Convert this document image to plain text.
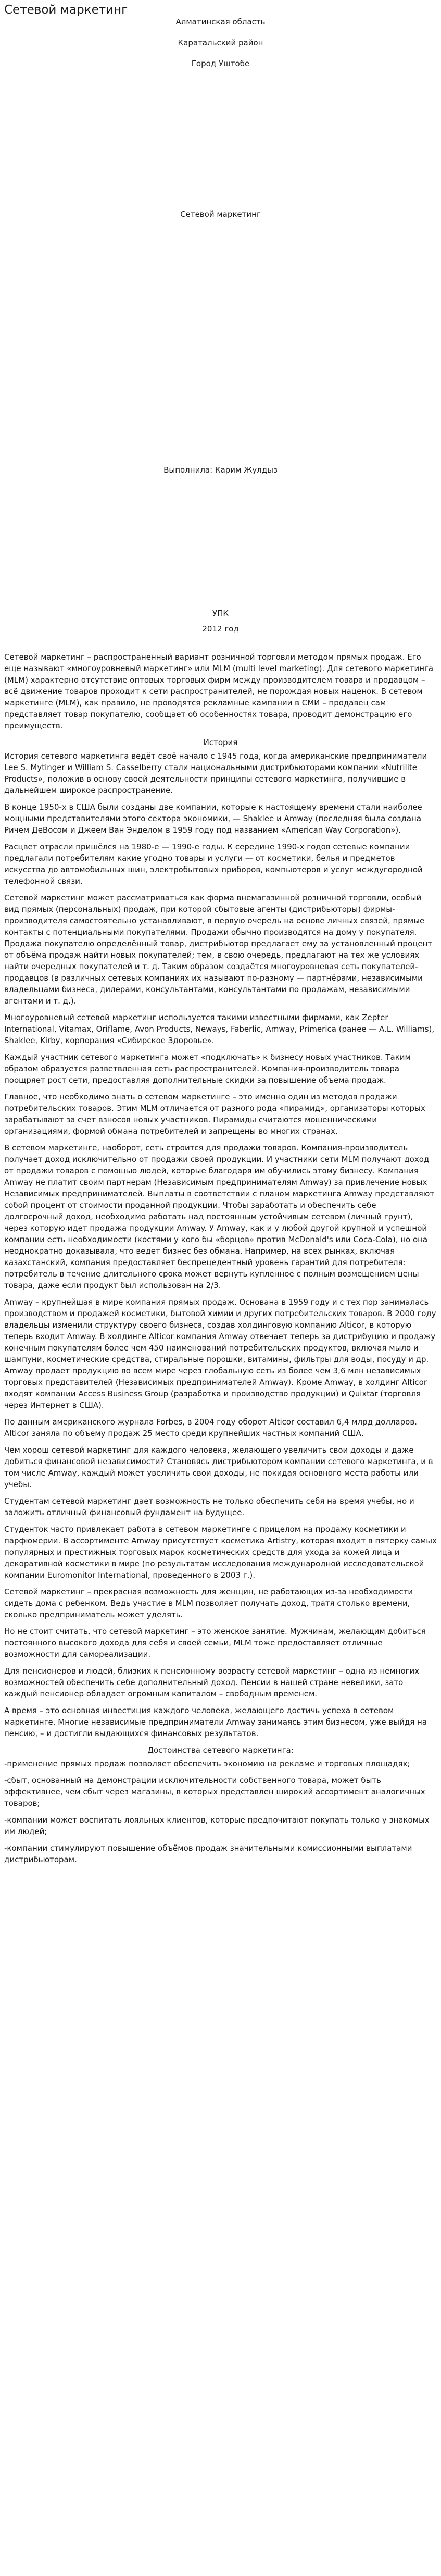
Сетевой маркетинг

Алматинская область

Каратальский район

Город Уштобе

Сетевой маркетинг

Выполнила: Карим Жулдыз

УПК

2012 год

Сетевой маркетинг – распространенный вариант розничной торговли методом прямых продаж. Его еще называют «многоуровневый маркетинг» или MLM (multi level marketing). Для сетевого маркетинга (MLM) характерно отсутствие оптовых торговых фирм между производителем товара и продавцом – всё движение товаров проходит к сети распространителей, не порождая новых наценок. В сетевом маркетинге (MLM), как правило, не проводятся рекламные кампании в СМИ – продавец сам представляет товар покупателю, сообщает об особенностях товара, проводит демонстрацию его преимуществ.

История

История сетевого маркетинга ведёт своё начало с 1945 года, когда американские предприниматели Lee S. Mytinger и William S. Casselberry стали национальными дистрибьюторами компании «Nutrilite Products», положив в основу своей деятельности принципы сетевого маркетинга, получившие в дальнейшем широкое распространение.

В конце 1950-х в США были созданы две компании, которые к настоящему времени стали наиболее мощными представителями этого сектора экономики, — Shaklee и Amway (последняя была создана Ричем ДеВосом и Джеем Ван Энделом в 1959 году под названием «American Way Corporation»).

Расцвет отрасли пришёлся на 1980-е — 1990-е годы. К середине 1990-х годов сетевые компании предлагали потребителям какие угодно товары и услуги — от косметики, белья и предметов искусства до автомобильных шин, электробытовых приборов, компьютеров и услуг междугородной телефонной связи.

Сетевой маркетинг может рассматриваться как форма внемагазинной розничной торговли, особый вид прямых (персональных) продаж, при которой сбытовые агенты (дистрибьюторы) фирмы-производителя самостоятельно устанавливают, в первую очередь на основе личных связей, прямые контакты с потенциальными покупателями. Продажи обычно производятся на дому у покупателя. Продажа покупателю определённый товар, дистрибьютор предлагает ему за установленный процент от объёма продаж найти новых покупателей; тем, в свою очередь, предлагают на тех же условиях найти очередных покупателей и т. д. Таким образом создаётся многоуровневая сеть покупателей-продавцов (в различных сетевых компаниях их называют по-разному — партнёрами, независимыми владельцами бизнеса, дилерами, консультантами, консультантами по продажам, независимыми агентами и т. д.).

Многоуровневый сетевой маркетинг используется такими известными фирмами, как Zepter International, Vitamax, Oriflame, Avon Products, Neways, Faberlic, Amway, Primerica (ранее — A.L. Williams), Shaklee, Kirby, корпорация «Сибирское Здоровье».

Каждый участник сетевого маркетинга может «подключать» к бизнесу новых участников. Таким образом образуется разветвленная сеть распространителей. Компания-производитель товара поощряет рост сети, предоставляя дополнительные скидки за повышение объема продаж.

Главное, что необходимо знать о сетевом маркетинге – это именно один из методов продажи потребительских товаров. Этим MLM отличается от разного рода «пирамид», организаторы которых зарабатывают за счет взносов новых участников. Пирамиды считаются мошенническими организациями, формой обмана потребителей и запрещены во многих странах.

В сетевом маркетинге, наоборот, сеть строится для продажи товаров. Компания-производитель получает доход исключительно от продажи своей продукции. И участники сети MLM получают доход от продажи товаров с помощью людей, которые благодаря им обучились этому бизнесу. Компания Amway не платит своим партнерам (Независимым предпринимателям Amway) за привлечение новых Независимых предпринимателей. Выплаты в соответствии с планом маркетинга Amway представляют собой процент от стоимости проданной продукции. Чтобы заработать и обеспечить себе долгосрочный доход, необходимо работать над постоянным устойчивым сетевом (личный грунт), через которую идет продажа продукции Amway. У Amway, как и у любой другой крупной и успешной компании есть необходимости (костями у кого бы «борцов» против McDonald's или Coca-Cola), но она неоднократно доказывала, что ведет бизнес без обмана. Например, на всех рынках, включая казахстанский, компания предоставляет беспрецедентный уровень гарантий для потребителя: потребитель в течение длительного срока может вернуть купленное с полным возмещением цены товара, даже если продукт был использован на 2/3.

Amway – крупнейшая в мире компания прямых продаж. Основана в 1959 году и с тех пор занималась производством и продажей косметики, бытовой химии и других потребительских товаров. В 2000 году владельцы изменили структуру своего бизнеса, создав холдинговую компанию Alticor, в которую теперь входит Amway. В холдинге Alticor компания Amway отвечает теперь за дистрибуцию и продажу конечным покупателям более чем 450 наименований потребительских продуктов, включая мыло и шампуни, косметические средства, стиральные порошки, витамины, фильтры для воды, посуду и др. Amway продает продукцию во всем мире через глобальную сеть из более чем 3,6 млн независимых торговых представителей (Независимых предпринимателей Amway). Кроме Amway, в холдинг Alticor входят компании Access Business Group (разработка и производство продукции) и Quixtar (торговля через Интернет в США).

По данным американского журнала Forbes, в 2004 году оборот Alticor составил 6,4 млрд долларов. Alticor заняла по объему продаж 25 место среди крупнейших частных компаний США.

Чем хорош сетевой маркетинг для каждого человека, желающего увеличить свои доходы и даже добиться финансовой независимости? Становясь дистрибьютором компании сетевого маркетинга, и в том числе Amway, каждый может увеличить свои доходы, не покидая основного места работы или учебы.

Студентам сетевой маркетинг дает возможность не только обеспечить себя на время учебы, но и заложить отличный финансовый фундамент на будущее.

Студенток часто привлекает работа в сетевом маркетинге с прицелом на продажу косметики и парфюмерии. В ассортименте Amway присутствует косметика Artistry, которая входит в пятерку самых популярных и престижных торговых марок косметических средств для ухода за кожей лица и декоративной косметики в мире (по результатам исследования международной исследовательской компании Euromonitor International, проведенного в 2003 г.).

Сетевой маркетинг – прекрасная возможность для женщин, не работающих из-за необходимости сидеть дома с ребенком. Ведь участие в MLM позволяет получать доход, тратя столько времени, сколько предприниматель может уделять.

Но не стоит считать, что сетевой маркетинг – это женское занятие. Мужчинам, желающим добиться постоянного высокого дохода для себя и своей семьи, MLM тоже предоставляет отличные возможности для самореализации.

Для пенсионеров и людей, близких к пенсионному возрасту сетевой маркетинг – одна из немногих возможностей обеспечить себе дополнительный доход. Пенсии в нашей стране невелики, зато каждый пенсионер обладает огромным капиталом – свободным временем.

А время – это основная инвестиция каждого человека, желающего достичь успеха в сетевом маркетинге. Многие независимые предприниматели Amway занимаясь этим бизнесом, уже выйдя на пенсию, – и достигли выдающихся финансовых результатов.

Достоинства сетевого маркетинга:

-применение прямых продаж позволяет обеспечить экономию на рекламе и торговых площадях;

-сбыт, основанный на демонстрации исключительности собственного товара, может быть эффективнее, чем сбыт через магазины, в которых представлен широкий ассортимент аналогичных товаров;

-компании может воспитать лояльных клиентов, которые предпочитают покупать только у знакомых им людей;

-компании стимулируют повышение объёмов продаж значительными комиссионными выплатами дистрибьюторам.
